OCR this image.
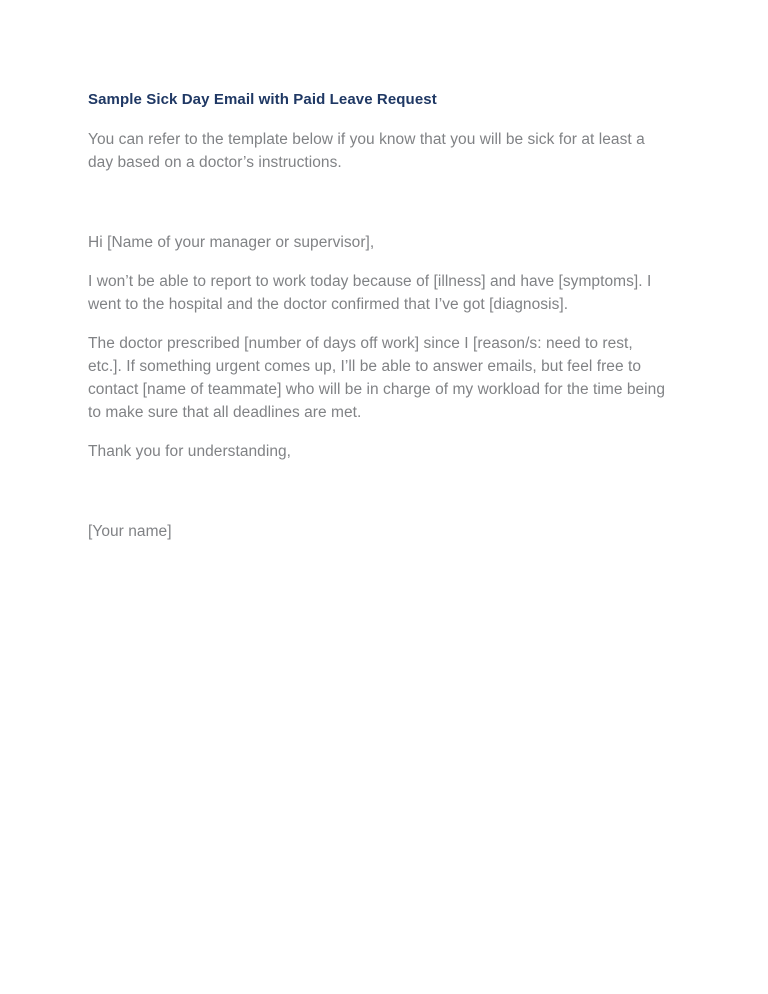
Sample Sick Day Email with Paid Leave Request

You can refer to the template below if you know that you will be sick for at least a day based on a doctor’s instructions.

Hi [Name of your manager or supervisor],

I won’t be able to report to work today because of [illness] and have [symptoms]. I went to the hospital and the doctor confirmed that I’ve got [diagnosis].

The doctor prescribed [number of days off work] since I [reason/s: need to rest, etc.]. If something urgent comes up, I’ll be able to answer emails, but feel free to contact [name of teammate] who will be in charge of my workload for the time being to make sure that all deadlines are met.

Thank you for understanding,

[Your name]
